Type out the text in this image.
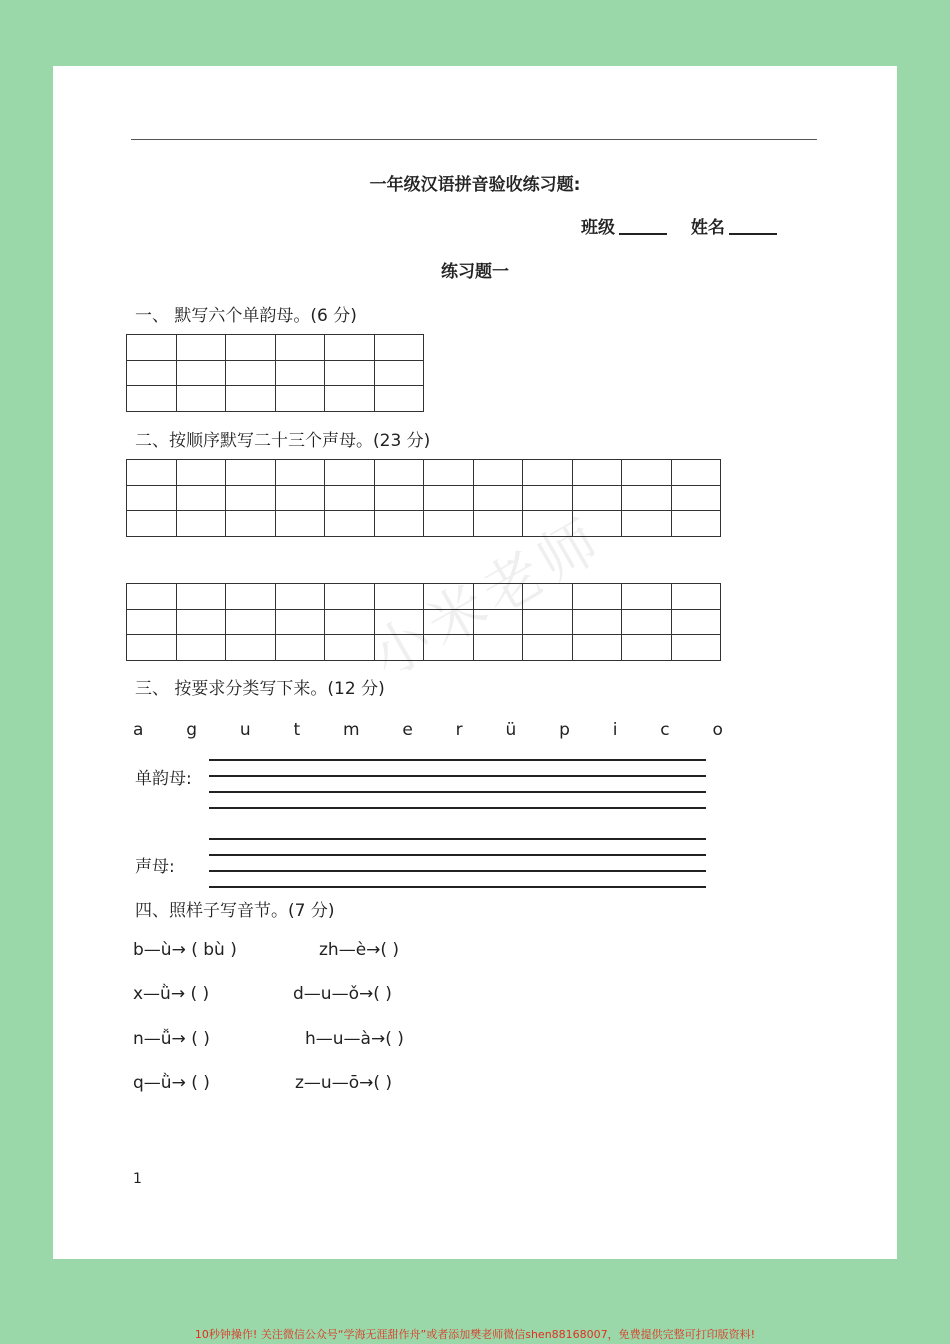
一年级汉语拼音验收练习题:
班级	姓名
练习题一
一、 默写六个单韵母。(6 分)

二、按顺序默写二十三个声母。(23 分)

小米老师
三、 按要求分类写下来。(12 分)
a	g	u	t	m	e	r	ü	p	i	c	o
单韵母:
声母:
四、照样子写音节。(7 分)
b—ù→ ( bù )	zh—è→( )
x—ǜ→ ( )	d—u—ǒ→( )
n—ǚ→ ( )	h—u—à→( )
q—ǜ→ ( )	z—u—ō→( )
1
10秒钟操作! 关注微信公众号“学海无涯甜作舟”或者添加樊老师微信shen88168007，免费提供完整可打印版资料!
